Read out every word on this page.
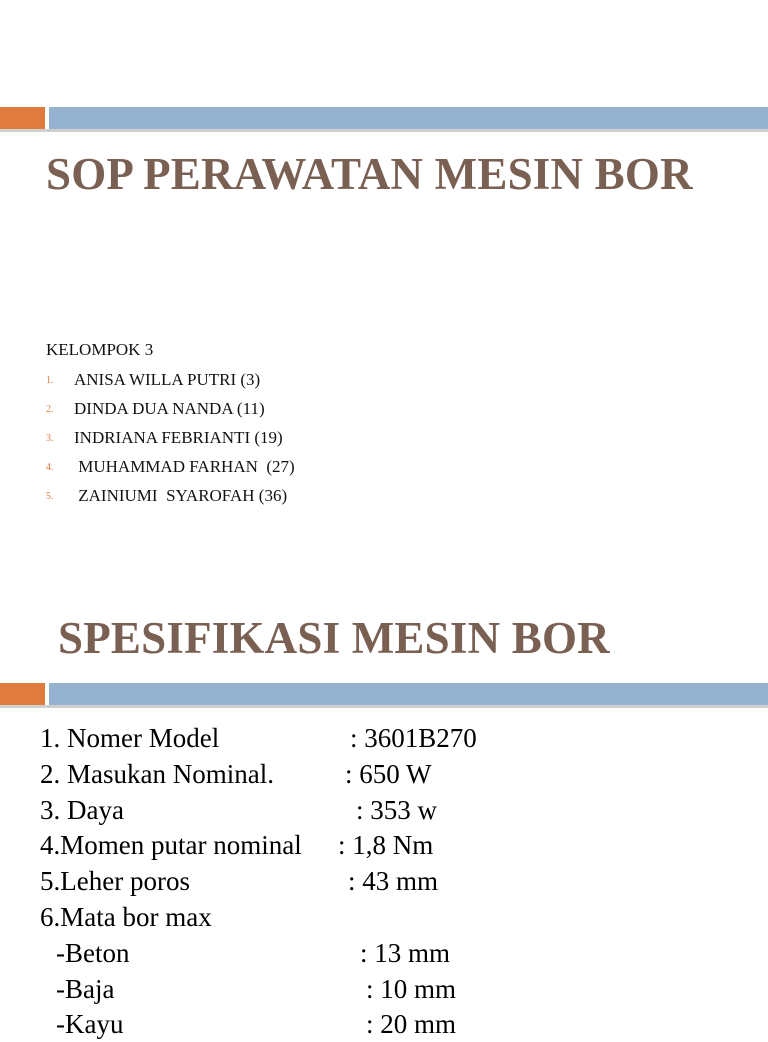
SOP PERAWATAN MESIN BOR
KELOMPOK 3
1. ANISA WILLA PUTRI (3)
2. DINDA DUA NANDA (11)
3. INDRIANA FEBRIANTI (19)
4. MUHAMMAD FARHAN  (27)
5. ZAINIUMI  SYAROFAH (36)
SPESIFIKASI MESIN BOR
1. Nomer Model	: 3601B270
2. Masukan Nominal.	: 650 W
3. Daya	: 353 w
4.Momen putar nominal : 1,8 Nm
5.Leher poros	: 43 mm
6.Mata bor max
-Beton	: 13 mm
-Baja	: 10 mm
-Kayu	: 20 mm
